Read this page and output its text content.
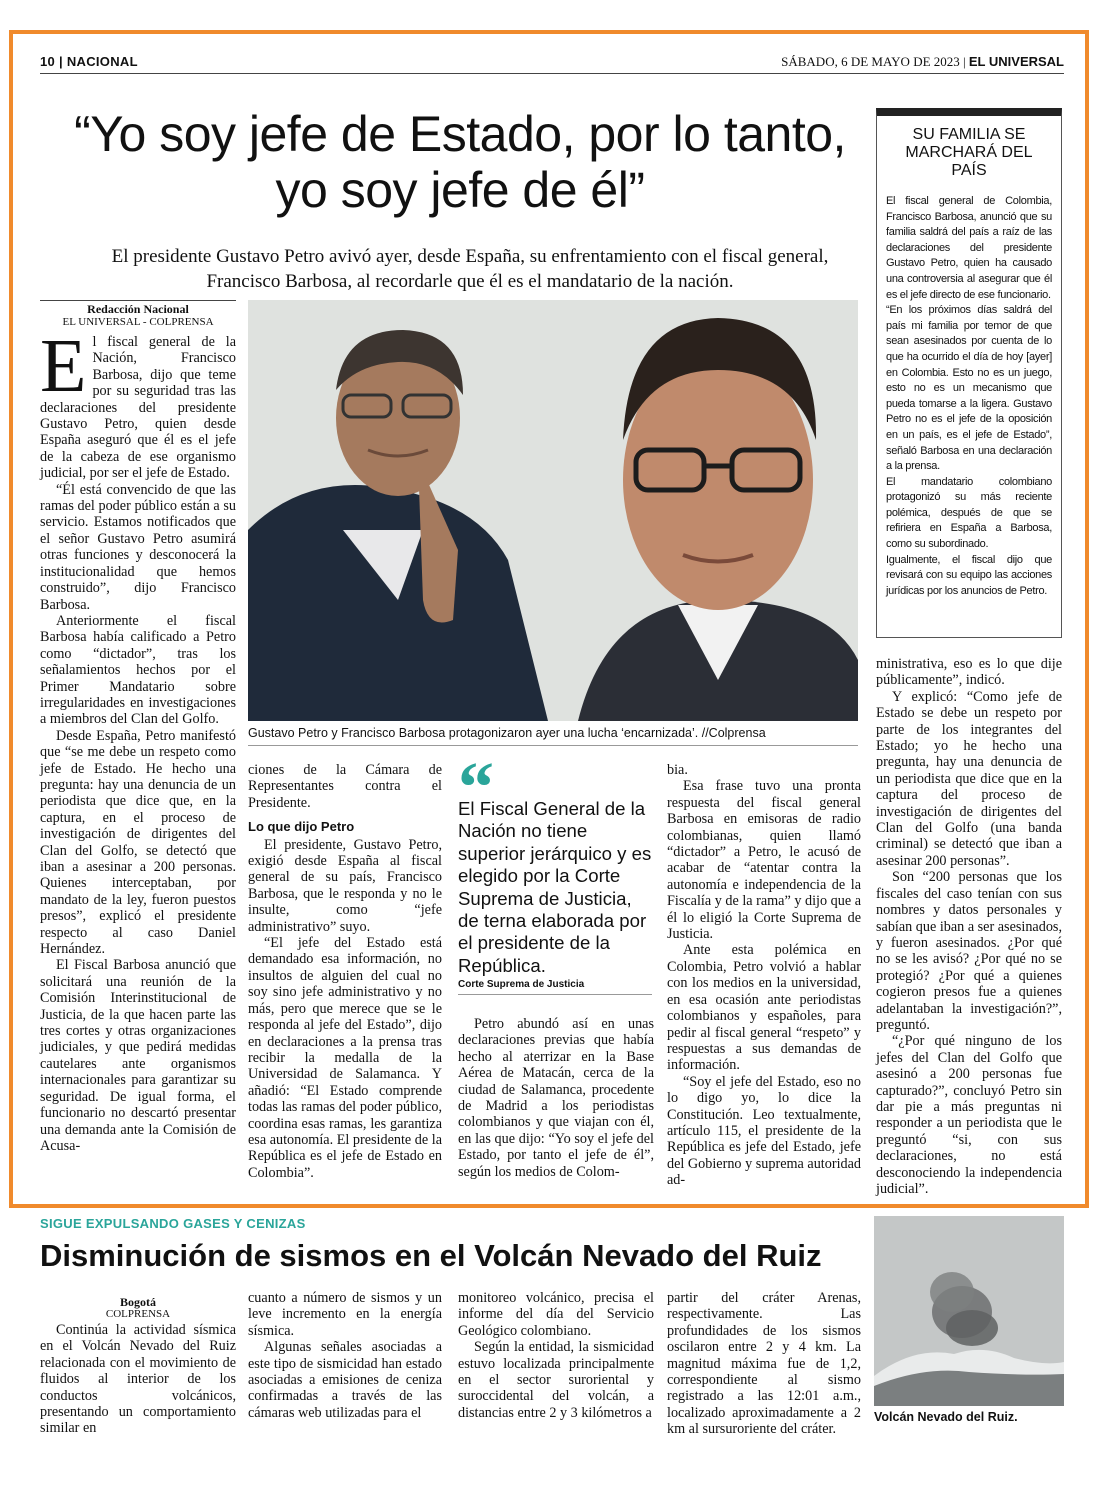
10 | NACIONAL	SÁBADO, 6 DE MAYO DE 2023 | EL UNIVERSAL
“Yo soy jefe de Estado, por lo tanto, yo soy jefe de él”
El presidente Gustavo Petro avivó ayer, desde España, su enfrentamiento con el fiscal general, Francisco Barbosa, al recordarle que él es el mandatario de la nación.
Redacción Nacional
EL UNIVERSAL - COLPRENSA

El fiscal general de la Nación, Francisco Barbosa, dijo que teme por su seguridad tras las declaraciones del presidente Gustavo Petro, quien desde España aseguró que él es el jefe de la cabeza de ese organismo judicial, por ser el jefe de Estado.

“Él está convencido de que las ramas del poder público están a su servicio. Estamos notificados que el señor Gustavo Petro asumirá otras funciones y desconocerá la institucionalidad que hemos construido”, dijo Francisco Barbosa.

Anteriormente el fiscal Barbosa había calificado a Petro como “dictador”, tras los señalamientos hechos por el Primer Mandatario sobre irregularidades en investigaciones a miembros del Clan del Golfo.

Desde España, Petro manifestó que “se me debe un respeto como jefe de Estado. He hecho una pregunta: hay una denuncia de un periodista que dice que, en la captura, en el proceso de investigación de dirigentes del Clan del Golfo, se detectó que iban a asesinar a 200 personas. Quienes interceptaban, por mandato de la ley, fueron puestos presos”, explicó el presidente respecto al caso Daniel Hernández.

El Fiscal Barbosa anunció que solicitará una reunión de la Comisión Interinstitucional de Justicia, de la que hacen parte las tres cortes y otras organizaciones judiciales, y que pedirá medidas cautelares ante organismos internacionales para garantizar su seguridad. De igual forma, el funcionario no descartó presentar una demanda ante la Comisión de Acusa-

Gustavo Petro y Francisco Barbosa protagonizaron ayer una lucha ‘encarnizada’. //Colprensa
SU FAMILIA SE MARCHARÁ DEL PAÍS

El fiscal general de Colombia, Francisco Barbosa, anunció que su familia saldrá del país a raíz de las declaraciones del presidente Gustavo Petro, quien ha causado una controversia al asegurar que él es el jefe directo de ese funcionario.

“En los próximos días saldrá del país mi familia por temor de que sean asesinados por cuenta de lo que ha ocurrido el día de hoy [ayer] en Colombia. Esto no es un juego, esto no es un mecanismo que pueda tomarse a la ligera. Gustavo Petro no es el jefe de la oposición en un país, es el jefe de Estado”, señaló Barbosa en una declaración a la prensa.

El mandatario colombiano protagonizó su más reciente polémica, después de que se refiriera en España a Barbosa, como su subordinado.

Igualmente, el fiscal dijo que revisará con su equipo las acciones jurídicas por los anuncios de Petro.

ciones de la Cámara de Representantes contra el Presidente.

Lo que dijo Petro

El presidente, Gustavo Petro, exigió desde España al fiscal general de su país, Francisco Barbosa, que le responda y no le insulte, como “jefe administrativo” suyo.

“El jefe del Estado está demandado esa información, no insultos de alguien del cual no soy sino jefe administrativo y no más, pero que merece que se le responda al jefe del Estado”, dijo en declaraciones a la prensa tras recibir la medalla de la Universidad de Salamanca. Y añadió: “El Estado comprende todas las ramas del poder público, coordina esas ramas, les garantiza esa autonomía. El presidente de la República es el jefe de Estado en Colombia”.

“
El Fiscal General de la Nación no tiene superior jerárquico y es elegido por la Corte Suprema de Justicia, de terna elaborada por el presidente de la República.
Corte Suprema de Justicia

Petro abundó así en unas declaraciones previas que había hecho al aterrizar en la Base Aérea de Matacán, cerca de la ciudad de Salamanca, procedente de Madrid a los periodistas colombianos y que viajan con él, en las que dijo: “Yo soy el jefe del Estado, por tanto el jefe de él”, según los medios de Colom-

bia.

Esa frase tuvo una pronta respuesta del fiscal general Barbosa en emisoras de radio colombianas, quien llamó “dictador” a Petro, le acusó de acabar de “atentar contra la autonomía e independencia de la Fiscalía y de la rama” y dijo que a él lo eligió la Corte Suprema de Justicia.

Ante esta polémica en Colombia, Petro volvió a hablar con los medios en la universidad, en esa ocasión ante periodistas colombianos y españoles, para pedir al fiscal general “respeto” y respuestas a sus demandas de información.

“Soy el jefe del Estado, eso no lo digo yo, lo dice la Constitución. Leo textualmente, artículo 115, el presidente de la República es jefe del Estado, jefe del Gobierno y suprema autoridad ad-

ministrativa, eso es lo que dije públicamente”, indicó.

Y explicó: “Como jefe de Estado se debe un respeto por parte de los integrantes del Estado; yo he hecho una pregunta, hay una denuncia de un periodista que dice que en la captura del proceso de investigación de dirigentes del Clan del Golfo (una banda criminal) se detectó que iban a asesinar 200 personas”.

Son “200 personas que los fiscales del caso tenían con sus nombres y datos personales y sabían que iban a ser asesinados, y fueron asesinados. ¿Por qué no se les avisó? ¿Por qué no se protegió? ¿Por qué a quienes cogieron presos fue a quienes adelantaban la investigación?”, preguntó.

“¿Por qué ninguno de los jefes del Clan del Golfo que asesinó a 200 personas fue capturado?”, concluyó Petro sin dar pie a más preguntas ni responder a un periodista que le preguntó “si, con sus declaraciones, no está desconociendo la independencia judicial”.

SIGUE EXPULSANDO GASES Y CENIZAS
Disminución de sismos en el Volcán Nevado del Ruiz
Bogotá
COLPRENSA

Continúa la actividad sísmica en el Volcán Nevado del Ruiz relacionada con el movimiento de fluidos al interior de los conductos volcánicos, presentando un comportamiento similar en

cuanto a número de sismos y un leve incremento en la energía sísmica.

Algunas señales asociadas a este tipo de sismicidad han estado asociadas a emisiones de ceniza confirmadas a través de las cámaras web utilizadas para el

monitoreo volcánico, precisa el informe del día del Servicio Geológico colombiano.

Según la entidad, la sismicidad estuvo localizada principalmente en el sector suroriental y suroccidental del volcán, a distancias entre 2 y 3 kilómetros a

partir del cráter Arenas, respectivamente. Las profundidades de los sismos oscilaron entre 2 y 4 km. La magnitud máxima fue de 1,2, correspondiente al sismo registrado a las 12:01 a.m., localizado aproximadamente a 2 km al sursuroriente del cráter.

Volcán Nevado del Ruiz.
